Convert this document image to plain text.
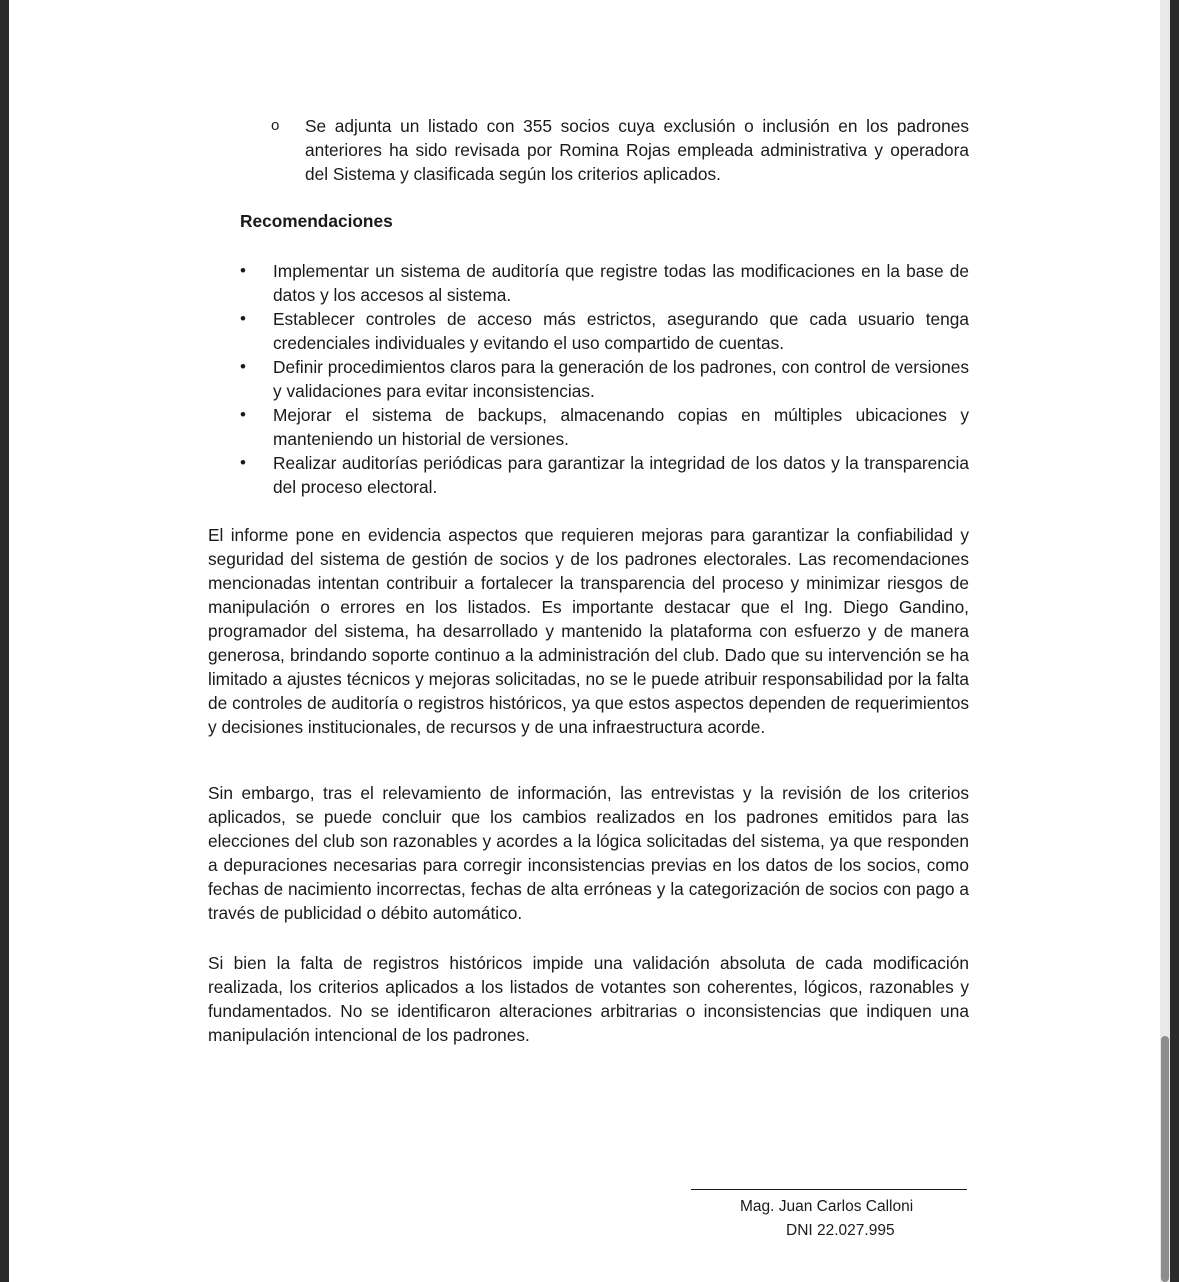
o Se adjunta un listado con 355 socios cuya exclusión o inclusión en los padrones anteriores ha sido revisada por Romina Rojas empleada administrativa y operadora del Sistema y clasificada según los criterios aplicados.

Recomendaciones
• Implementar un sistema de auditoría que registre todas las modificaciones en la base de datos y los accesos al sistema.

• Establecer controles de acceso más estrictos, asegurando que cada usuario tenga credenciales individuales y evitando el uso compartido de cuentas.

• Definir procedimientos claros para la generación de los padrones, con control de versiones y validaciones para evitar inconsistencias.

• Mejorar el sistema de backups, almacenando copias en múltiples ubicaciones y manteniendo un historial de versiones.

• Realizar auditorías periódicas para garantizar la integridad de los datos y la transparencia del proceso electoral.

El informe pone en evidencia aspectos que requieren mejoras para garantizar la confiabilidad y seguridad del sistema de gestión de socios y de los padrones electorales. Las recomendaciones mencionadas intentan contribuir a fortalecer la transparencia del proceso y minimizar riesgos de manipulación o errores en los listados. Es importante destacar que el Ing. Diego Gandino, programador del sistema, ha desarrollado y mantenido la plataforma con esfuerzo y de manera generosa, brindando soporte continuo a la administración del club. Dado que su intervención se ha limitado a ajustes técnicos y mejoras solicitadas, no se le puede atribuir responsabilidad por la falta de controles de auditoría o registros históricos, ya que estos aspectos dependen de requerimientos y decisiones institucionales, de recursos y de una infraestructura acorde.

Sin embargo, tras el relevamiento de información, las entrevistas y la revisión de los criterios aplicados, se puede concluir que los cambios realizados en los padrones emitidos para las elecciones del club son razonables y acordes a la lógica solicitadas del sistema, ya que responden a depuraciones necesarias para corregir inconsistencias previas en los datos de los socios, como fechas de nacimiento incorrectas, fechas de alta erróneas y la categorización de socios con pago a través de publicidad o débito automático.

Si bien la falta de registros históricos impide una validación absoluta de cada modificación realizada, los criterios aplicados a los listados de votantes son coherentes, lógicos, razonables y fundamentados. No se identificaron alteraciones arbitrarias o inconsistencias que indiquen una manipulación intencional de los padrones.

Mag. Juan Carlos Calloni
DNI 22.027.995
